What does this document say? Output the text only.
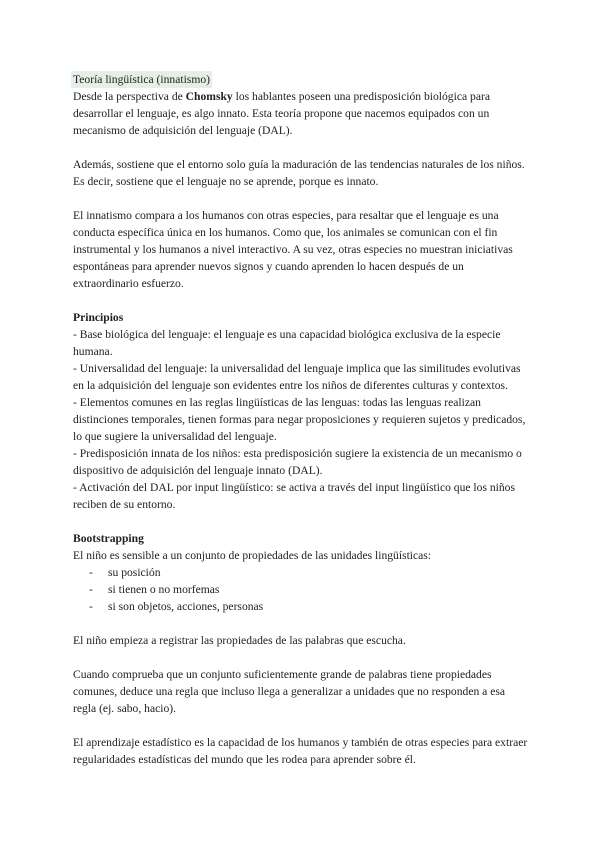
Teoría lingüística (innatismo)

Desde la perspectiva de Chomsky los hablantes poseen una predisposición biológica para desarrollar el lenguaje, es algo innato. Esta teoría propone que nacemos equipados con un mecanismo de adquisición del lenguaje (DAL).

Además, sostiene que el entorno solo guía la maduración de las tendencias naturales de los niños. Es decir, sostiene que el lenguaje no se aprende, porque es innato.

El innatismo compara a los humanos con otras especies, para resaltar que el lenguaje es una conducta específica única en los humanos. Como que, los animales se comunican con el fin instrumental y los humanos a nivel interactivo. A su vez, otras especies no muestran iniciativas espontáneas para aprender nuevos signos y cuando aprenden lo hacen después de un extraordinario esfuerzo.

Principios

- Base biológica del lenguaje: el lenguaje es una capacidad biológica exclusiva de la especie humana.

- Universalidad del lenguaje: la universalidad del lenguaje implica que las similitudes evolutivas en la adquisición del lenguaje son evidentes entre los niños de diferentes culturas y contextos.

- Elementos comunes en las reglas lingüísticas de las lenguas: todas las lenguas realizan distinciones temporales, tienen formas para negar proposiciones y requieren sujetos y predicados, lo que sugiere la universalidad del lenguaje.

- Predisposición innata de los niños: esta predisposición sugiere la existencia de un mecanismo o dispositivo de adquisición del lenguaje innato (DAL).

- Activación del DAL por input lingüístico: se activa a través del input lingüístico que los niños reciben de su entorno.

Bootstrapping

El niño es sensible a un conjunto de propiedades de las unidades lingüísticas:

- su posición
- si tienen o no morfemas
- si son objetos, acciones, personas

El niño empieza a registrar las propiedades de las palabras que escucha.

Cuando comprueba que un conjunto suficientemente grande de palabras tiene propiedades comunes, deduce una regla que incluso llega a generalizar a unidades que no responden a esa regla (ej. sabo, hacio).

El aprendizaje estadístico es la capacidad de los humanos y también de otras especies para extraer regularidades estadísticas del mundo que les rodea para aprender sobre él.
